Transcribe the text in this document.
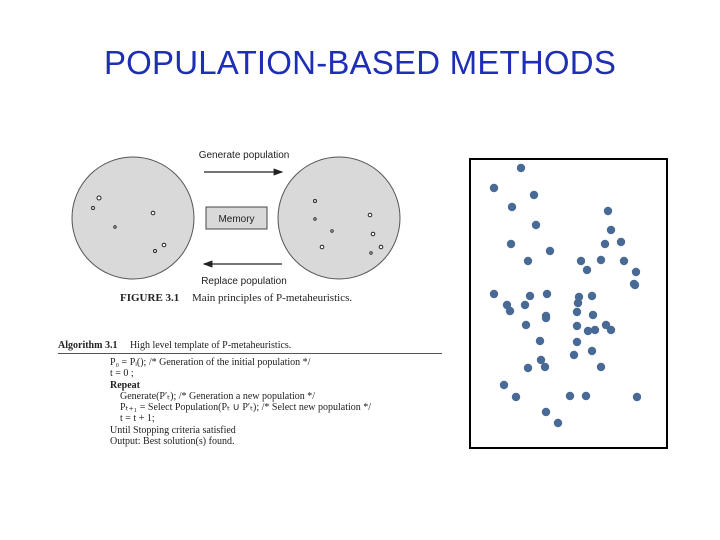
POPULATION-BASED METHODS
Generate population
Memory
Replace population
FIGURE 3.1 Main principles of P-metaheuristics.
Algorithm 3.1 High level template of P-metaheuristics.
P₀ = Pᵢ(); /* Generation of the initial population */
t = 0 ;
Repeat
Generate(P′ₜ); /* Generation a new population */
Pₜ₊₁ = Select Population(Pₜ ∪ P′ₜ); /* Select new population */
t = t + 1;
Until Stopping criteria satisfied
Output: Best solution(s) found.
